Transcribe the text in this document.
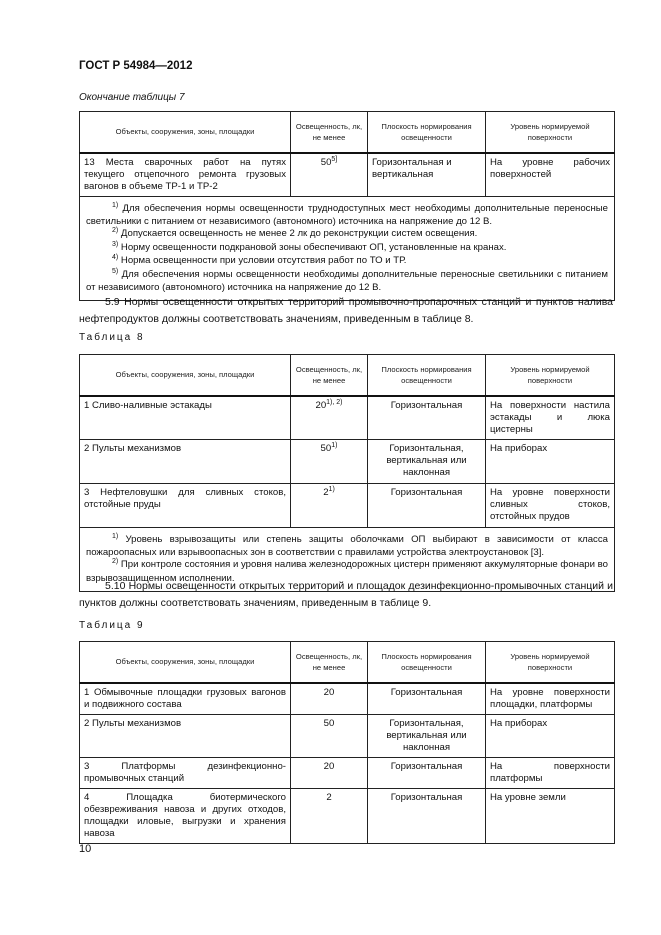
ГОСТ Р 54984—2012
Окончание таблицы 7
Объекты, сооружения, зоны, площадки	Освещенность, лк, не менее	Плоскость нормирования освещенности	Уровень нормируемой поверхности
13 Места сварочных работ на путях текущего отцепочного ремонта грузовых вагонов в объеме ТР-1 и ТР-2	50$^{5]}$	Горизонтальная и вертикальная	На уровне рабочих поверхностей

$^{1)}$ Для обеспечения нормы освещенности труднодоступных мест необходимы дополнительные переносные светильники с питанием от независимого (автономного) источника на напряжение до 12 В.

$^{2)}$ Допускается освещенность не менее 2 лк до реконструкции систем освещения.

$^{3)}$ Норму освещенности подкрановой зоны обеспечивают ОП, установленные на кранах.

$^{4)}$ Норма освещенности при условии отсутствия работ по ТО и ТР.

$^{5)}$ Для обеспечения нормы освещенности необходимы дополнительные переносные светильники с питанием от независимого (автономного) источника на напряжение до 12 В.			

5.9 Нормы освещенности открытых территорий промывочно-пропарочных станций и пунктов налива нефтепродуктов должны соответствовать значениям, приведенным в таблице 8.
Таблица 8
Объекты, сооружения, зоны, площадки	Освещенность, лк, не менее	Плоскость нормирования освещенности	Уровень нормируемой поверхности
1 Сливо-наливные эстакады	20$^{1), 2)}$	Горизонтальная	На поверхности настила эстакады и люка цистерны
2 Пульты механизмов	50$^{1)}$	Горизонтальная, вертикальная или наклонная	На приборах
3 Нефтеловушки для сливных стоков, отстойные пруды	2$^{1)}$	Горизонтальная	На уровне поверхности сливных стоков, отстойных прудов

$^{1)}$ Уровень взрывозащиты или степень защиты оболочками ОП выбирают в зависимости от класса пожароопасных или взрывоопасных зон в соответствии с правилами устройства электроустановок [3].

$^{2)}$ При контроле состояния и уровня налива железнодорожных цистерн применяют аккумуляторные фонари во взрывозащищенном исполнении.			

5.10 Нормы освещенности открытых территорий и площадок дезинфекционно-промывочных станций и пунктов должны соответствовать значениям, приведенным в таблице 9.
Таблица 9
Объекты, сооружения, зоны, площадки	Освещенность, лк, не менее	Плоскость нормирования освещенности	Уровень нормируемой поверхности
1 Обмывочные площадки грузовых вагонов и подвижного состава	20	Горизонтальная	На уровне поверхности площадки, платформы
2 Пульты механизмов	50	Горизонтальная, вертикальная или наклонная	На приборах
3 Платформы дезинфекционно-промывочных станций	20	Горизонтальная	На поверхности платформы
4 Площадка биотермического обезвреживания навоза и других отходов, площадки иловые, выгрузки и хранения навоза	2	Горизонтальная	На уровне земли
10
